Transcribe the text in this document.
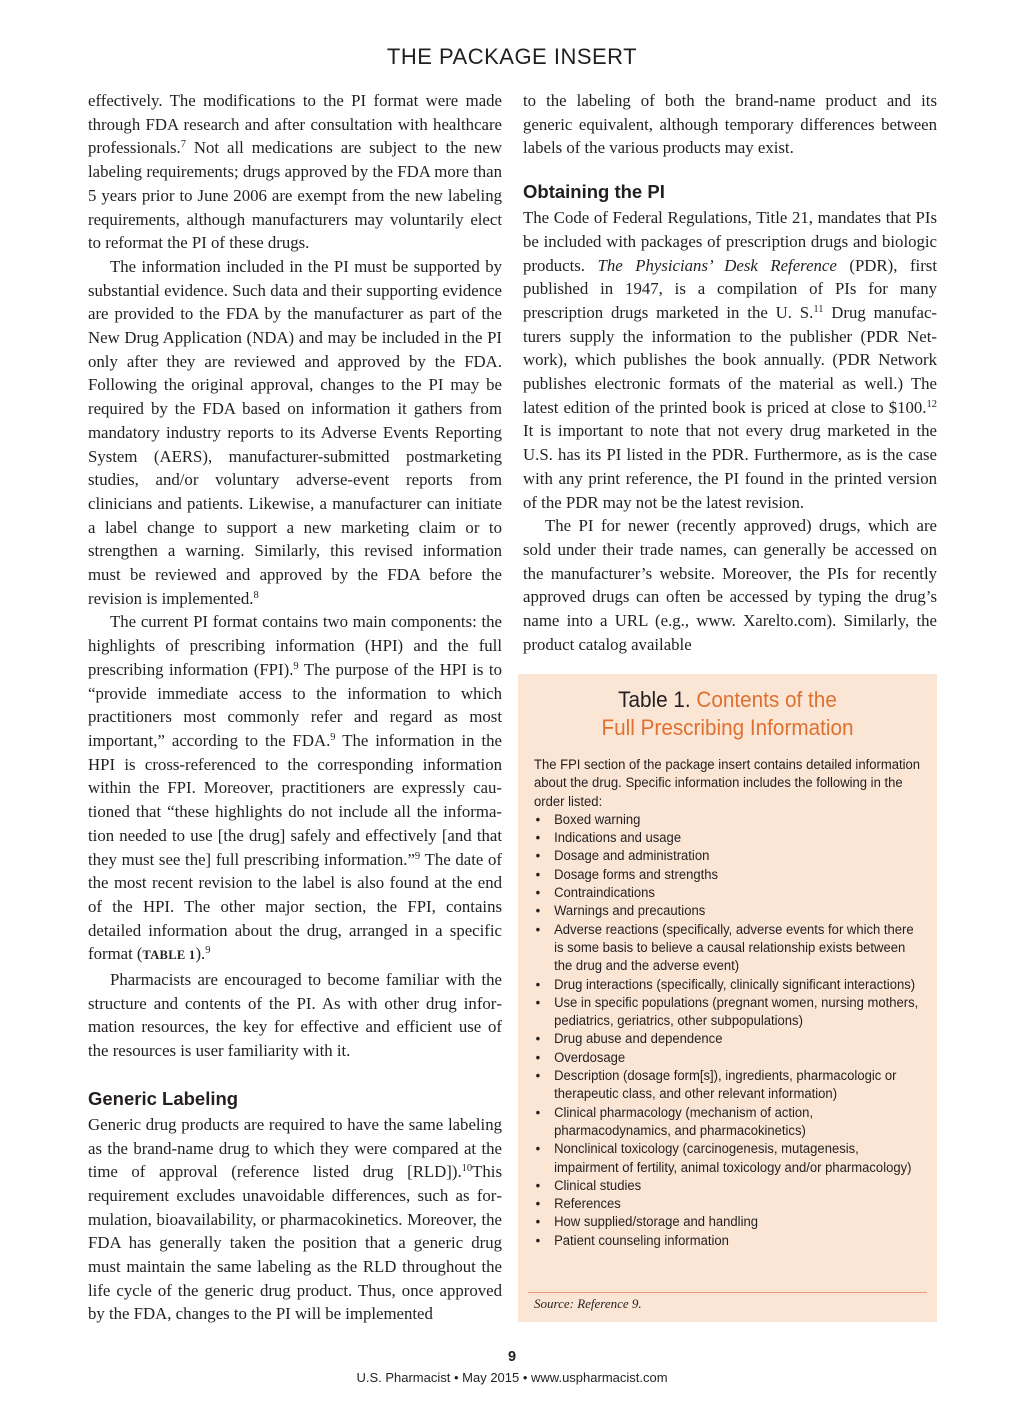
THE PACKAGE INSERT

effectively. The modifications to the PI format were made through FDA research and after consultation with healthcare professionals.$^7$ Not all medications are subject to the new labeling requirements; drugs approved by the FDA more than 5 years prior to June 2006 are exempt from the new labeling requirements, although manufacturers may voluntarily elect to reformat the PI of these drugs.

The information included in the PI must be supported by substantial evidence. Such data and their supporting evidence are provided to the FDA by the manufacturer as part of the New Drug Application (NDA) and may be included in the PI only after they are reviewed and approved by the FDA. Following the original approval, changes to the PI may be required by the FDA based on information it gathers from mandatory industry reports to its Adverse Events Reporting System (AERS), manufacturer-submitted postmarketing studies, and/or voluntary adverse-event reports from clinicians and patients. Likewise, a manufacturer can initiate a label change to support a new marketing claim or to strengthen a warning. Similarly, this revised information must be reviewed and approved by the FDA before the revision is implemented.$^8$

The current PI format contains two main components: the highlights of prescribing information (HPI) and the full prescribing information (FPI).$^9$ The purpose of the HPI is to “provide immediate access to the information to which practitioners most commonly refer and regard as most important,” according to the FDA.$^9$ The information in the HPI is cross-referenced to the corresponding information within the FPI. Moreover, practitioners are expressly cautioned that “these highlights do not include all the information needed to use [the drug] safely and effectively [and that they must see the] full prescribing information.”$^9$ The date of the most recent revision to the label is also found at the end of the HPI. The other major section, the FPI, contains detailed information about the drug, arranged in a specific format (TABLE 1).$^9$

Pharmacists are encouraged to become familiar with the structure and contents of the PI. As with other drug information resources, the key for effective and efficient use of the resources is user familiarity with it.

Generic Labeling

Generic drug products are required to have the same labeling as the brand-name drug to which they were compared at the time of approval (reference listed drug [RLD]).$^{10}$This requirement excludes unavoidable differences, such as formulation, bioavailability, or pharmacokinetics. Moreover, the FDA has generally taken the position that a generic drug must maintain the same labeling as the RLD throughout the life cycle of the generic drug product. Thus, once approved by the FDA, changes to the PI will be implemented

to the labeling of both the brand-name product and its generic equivalent, although temporary differences between labels of the various products may exist.

Obtaining the PI

The Code of Federal Regulations, Title 21, mandates that PIs be included with packages of prescription drugs and biologic products. The Physicians’ Desk Reference (PDR), first published in 1947, is a compilation of PIs for many prescription drugs marketed in the U. S.$^{11}$ Drug manufacturers supply the information to the publisher (PDR Network), which publishes the book annually. (PDR Network publishes electronic formats of the material as well.) The latest edition of the printed book is priced at close to $100.12 It is important to note that not every drug marketed in the U.S. has its PI listed in the PDR. Furthermore, as is the case with any print reference, the PI found in the printed version of the PDR may not be the latest revision.

The PI for newer (recently approved) drugs, which are sold under their trade names, can generally be accessed on the manufacturer’s website. Moreover, the PIs for recently approved drugs can often be accessed by typing the drug’s name into a URL (e.g., www. Xarelto.com). Similarly, the product catalog available

Table 1. Contents of the
Full Prescribing Information
The FPI section of the package insert contains detailed information about the drug. Specific information includes the following in the order listed:
• Boxed warning
• Indications and usage
• Dosage and administration
• Dosage forms and strengths
• Contraindications
• Warnings and precautions
• Adverse reactions (specifically, adverse events for which there is some basis to believe a causal relationship exists between the drug and the adverse event)
• Drug interactions (specifically, clinically significant interactions)
• Use in specific populations (pregnant women, nursing mothers, pediatrics, geriatrics, other subpopulations)
• Drug abuse and dependence
• Overdosage
• Description (dosage form[s]), ingredients, pharmacologic or therapeutic class, and other relevant information)
• Clinical pharmacology (mechanism of action, pharmacodynamics, and pharmacokinetics)
• Nonclinical toxicology (carcinogenesis, mutagenesis, impairment of fertility, animal toxicology and/or pharmacology)
• Clinical studies
• References
• How supplied/storage and handling
• Patient counseling information
Source: Reference 9.
9
U.S. Pharmacist • May 2015 • www.uspharmacist.com
